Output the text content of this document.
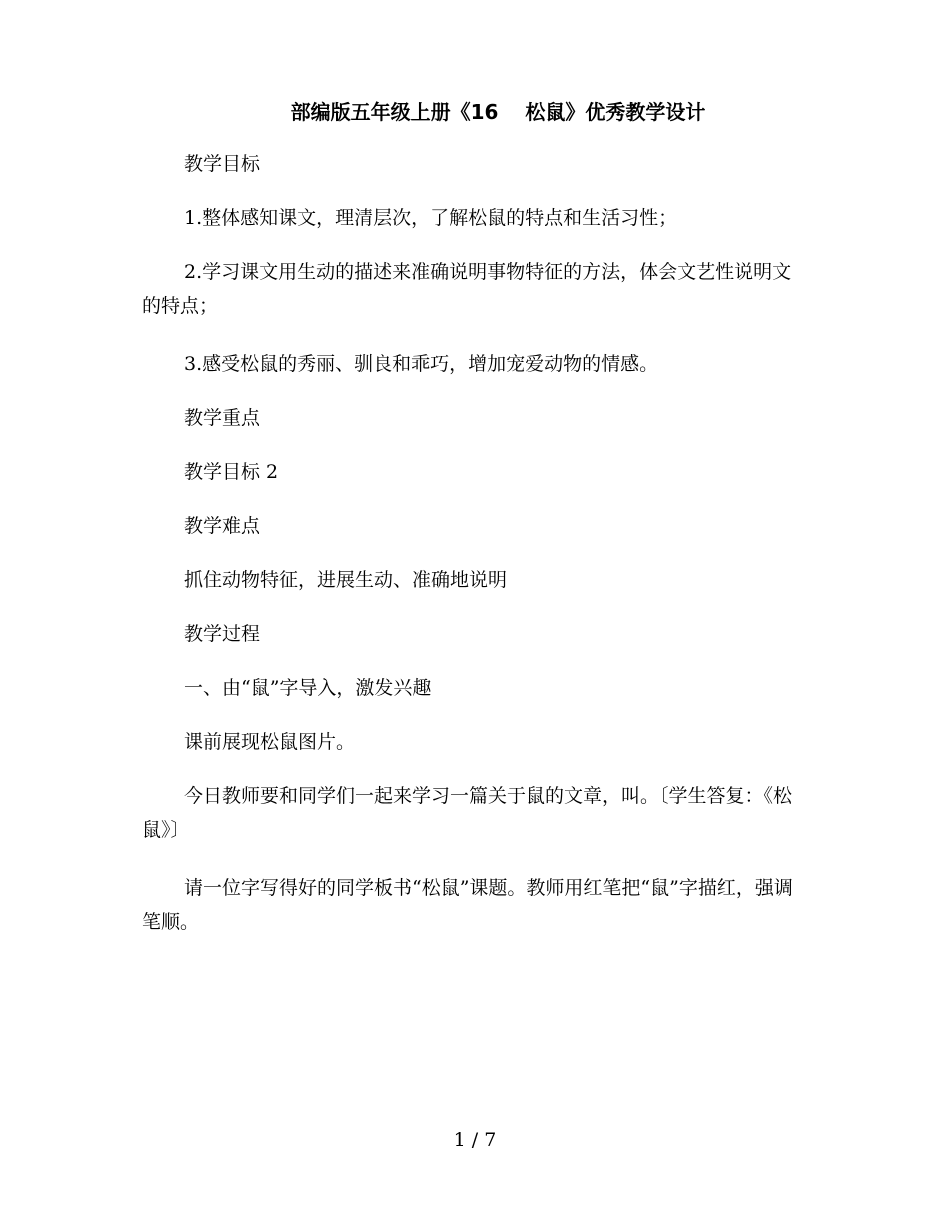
部编版五年级上册《16　 松鼠》优秀教学设计

教学目标

1.整体感知课文，理清层次，了解松鼠的特点和生活习性；

2.学习课文用生动的描述来准确说明事物特征的方法，体会文艺性说明文的特点；

3.感受松鼠的秀丽、驯良和乖巧，增加宠爱动物的情感。

教学重点

教学目标 2

教学难点

抓住动物特征，进展生动、准确地说明

教学过程

一、由“鼠”字导入，激发兴趣

课前展现松鼠图片。

今日教师要和同学们一起来学习一篇关于鼠的文章，叫。〔学生答复：《松鼠》〕

请一位字写得好的同学板书“松鼠”课题。教师用红笔把“鼠”字描红，强调笔顺。

1 / 7
